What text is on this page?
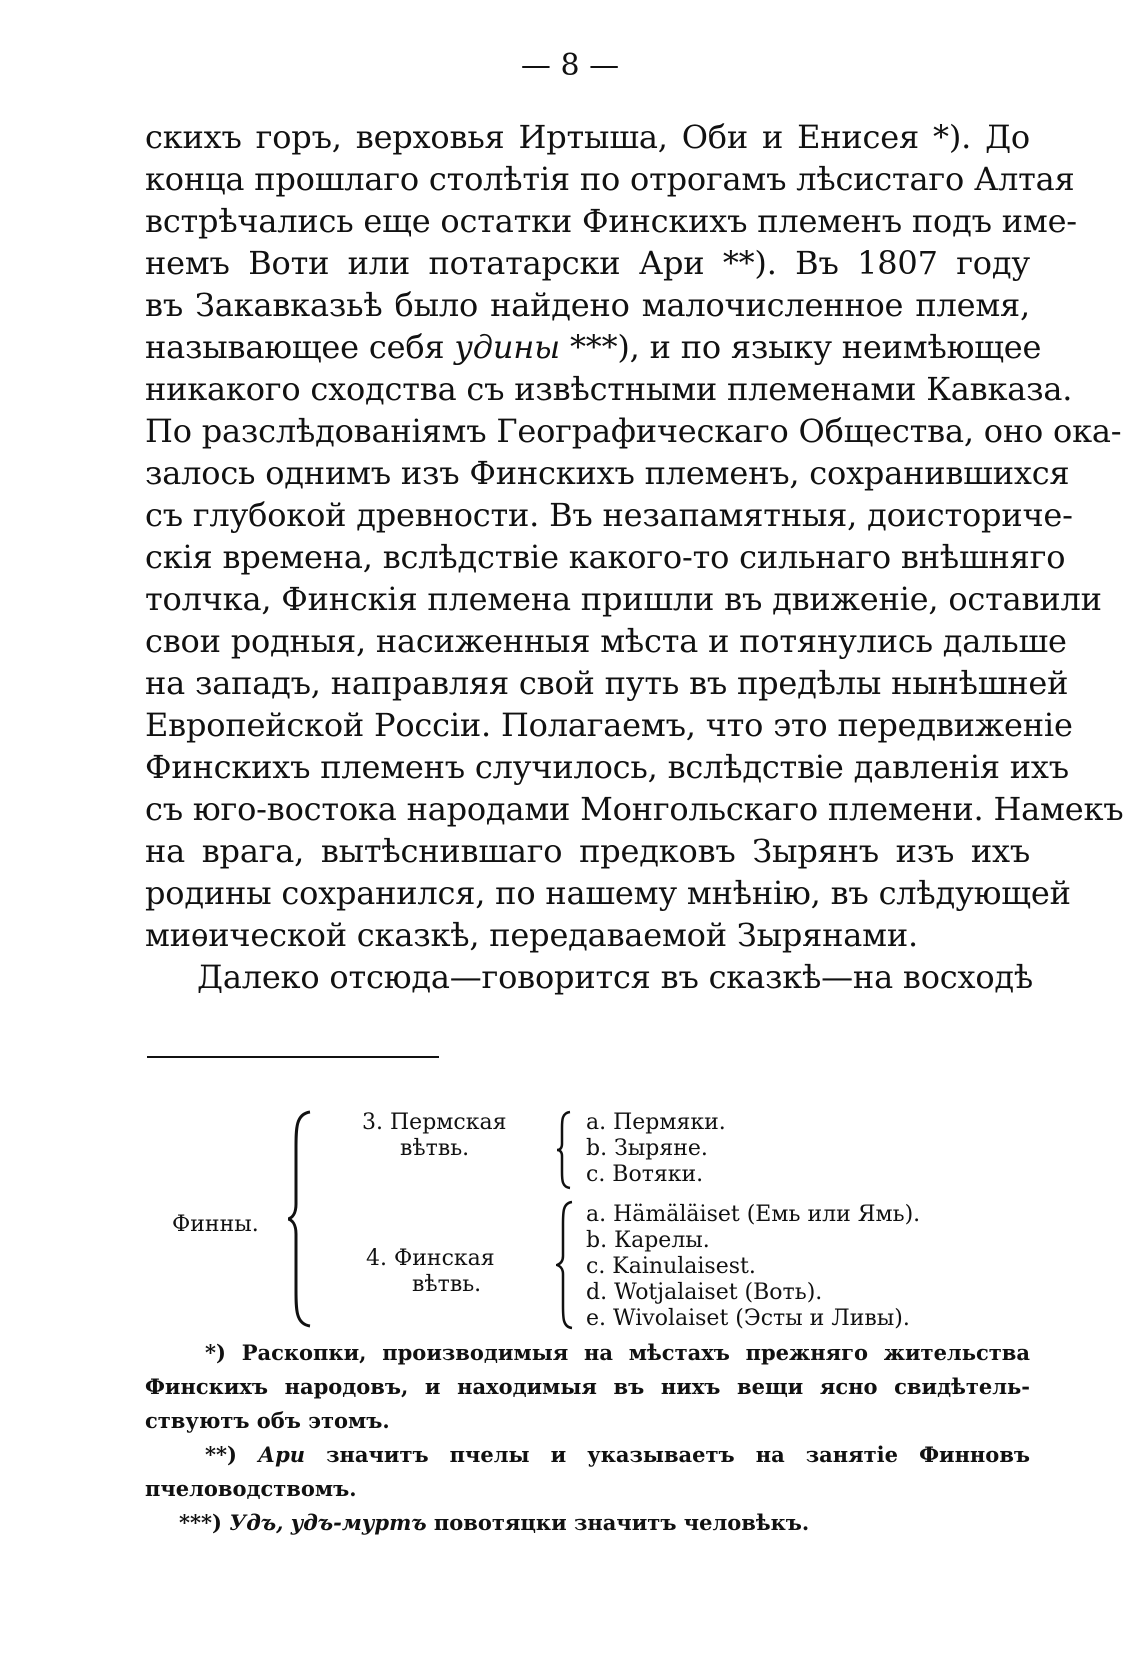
— 8 —
скихъ горъ, верховья Иртыша, Оби и Енисея *). До
конца прошлаго столѣтія по отрогамъ лѣсистаго Алтая
встрѣчались еще остатки Финскихъ племенъ подъ име-
немъ Воти или потатарски Ари **). Въ 1807 году
въ Закавказьѣ было найдено малочисленное племя,
называющее себя удины ***), и по языку неимѣющее
никакого сходства съ извѣстными племенами Кавказа.
По разслѣдованіямъ Географическаго Общества, оно ока-
залось однимъ изъ Финскихъ племенъ, сохранившихся
съ глубокой древности. Въ незапамятныя, доисториче-
скія времена, вслѣдствіе какого-то сильнаго внѣшняго
толчка, Финскія племена пришли въ движеніе, оставили
свои родныя, насиженныя мѣста и потянулись дальше
на западъ, направляя свой путь въ предѣлы нынѣшней
Европейской Россіи. Полагаемъ, что это передвиженіе
Финскихъ племенъ случилось, вслѣдствіе давленія ихъ
съ юго-востока народами Монгольскаго племени. Намекъ
на врага, вытѣснившаго предковъ Зырянъ изъ ихъ
родины сохранился, по нашему мнѣнію, въ слѣдующей
миѳической сказкѣ, передаваемой Зырянами.
Далеко отсюда—говорится въ сказкѣ—на восходѣ
Финны.
3. Пермская
вѣтвь.
a. Пермяки.
b. Зыряне.
c. Вотяки.
4. Финская
вѣтвь.
a. Hämäläiset (Емь или Ямь).
b. Карелы.
c. Kainulaisest.
d. Wotjalaiset (Воть).
e. Wivolaiset (Эсты и Ливы).
*) Раскопки, производимыя на мѣстахъ прежняго жительства
Финскихъ народовъ, и находимыя въ нихъ вещи ясно свидѣтель-
ствуютъ объ этомъ.
**) Ари значитъ пчелы и указываетъ на занятіе Финновъ
пчеловодствомъ.
***) Удъ, удъ-муртъ повотяцки значитъ человѣкъ.
